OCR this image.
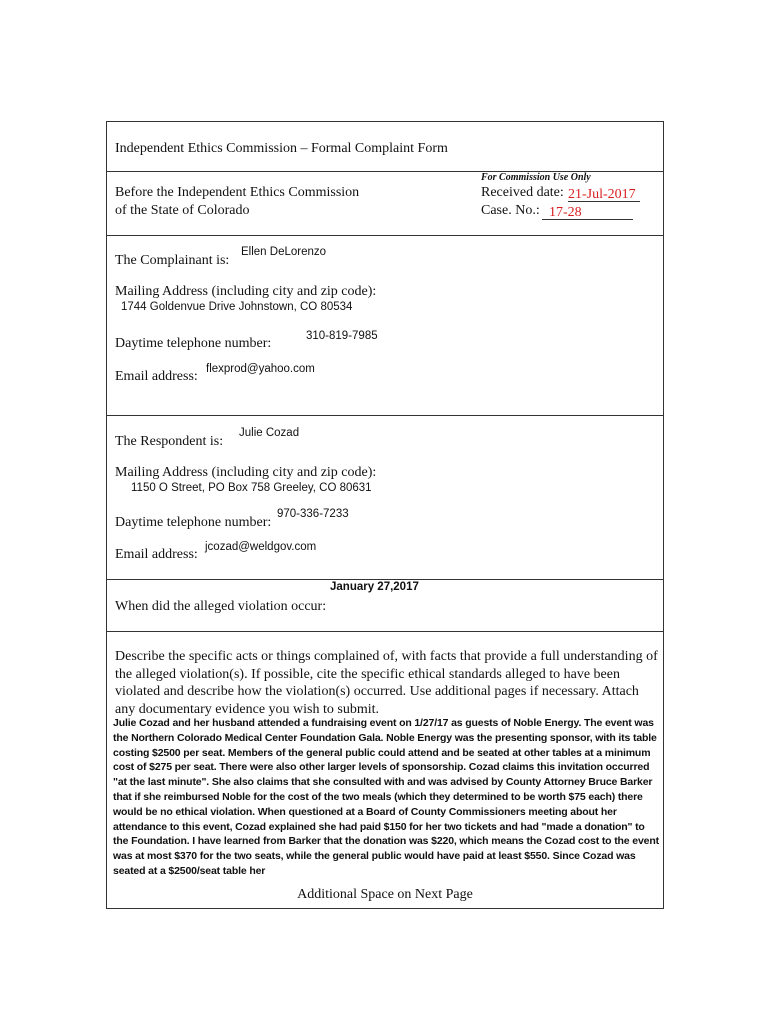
Independent Ethics Commission – Formal Complaint Form
Before the Independent Ethics Commission
of the State of Colorado
For Commission Use Only
Received date: 21-Jul-2017
Case. No.: 17-28
Ellen DeLorenzo
The Complainant is:
Mailing Address (including city and zip code):
1744 Goldenvue Drive Johnstown, CO 80534
310-819-7985
Daytime telephone number:
flexprod@yahoo.com
Email address:
Julie Cozad
The Respondent is:
Mailing Address (including city and zip code):
1150 O Street, PO Box 758 Greeley, CO 80631
970-336-7233
Daytime telephone number:
jcozad@weldgov.com
Email address:
January 27,2017
When did the alleged violation occur:
Describe the specific acts or things complained of, with facts that provide a full understanding of the alleged violation(s). If possible, cite the specific ethical standards alleged to have been violated and describe how the violation(s) occurred. Use additional pages if necessary. Attach any documentary evidence you wish to submit.
Julie Cozad and her husband attended a fundraising event on 1/27/17 as guests of Noble Energy. The event was the Northern Colorado Medical Center Foundation Gala. Noble Energy was the presenting sponsor, with its table costing $2500 per seat. Members of the general public could attend and be seated at other tables at a minimum cost of $275 per seat. There were also other larger levels of sponsorship. Cozad claims this invitation occurred "at the last minute". She also claims that she consulted with and was advised by County Attorney Bruce Barker that if she reimbursed Noble for the cost of the two meals (which they determined to be worth $75 each) there would be no ethical violation. When questioned at a Board of County Commissioners meeting about her attendance to this event, Cozad explained she had paid $150 for her two tickets and had "made a donation" to the Foundation. I have learned from Barker that the donation was $220, which means the Cozad cost to the event was at most $370 for the two seats, while the general public would have paid at least $550. Since Cozad was seated at a $2500/seat table her
Additional Space on Next Page
